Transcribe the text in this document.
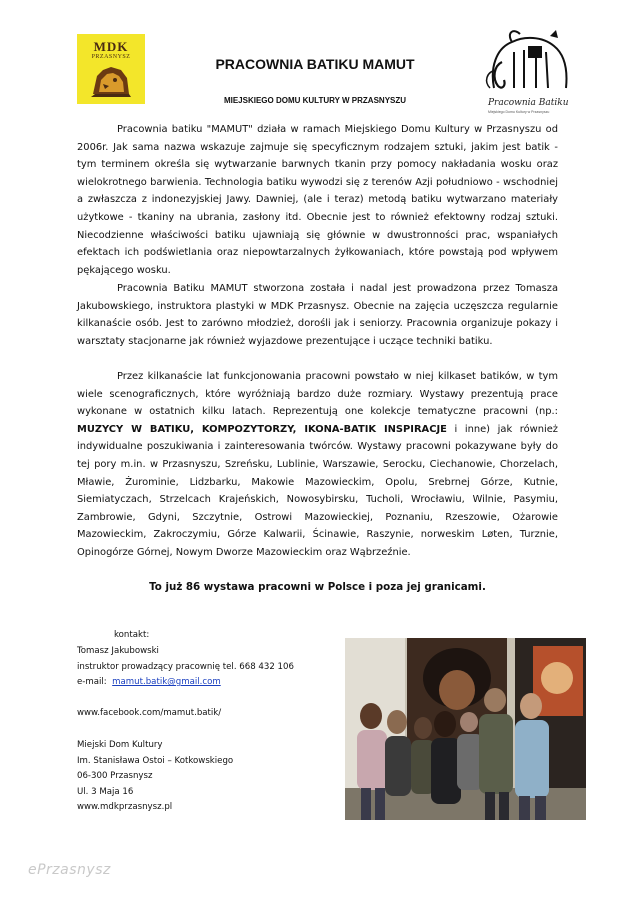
MDK
PRZASNYSZ	PRACOWNIA BATIKU MAMUT
MIEJSKIEGO DOMU KULTURY W PRZASNYSZU	Pracownia Batiku
Miejskiego Domu Kultury w Przasnyszu

Pracownia batiku "MAMUT" działa w ramach Miejskiego Domu Kultury w Przasnyszu od 2006r. Jak sama nazwa wskazuje zajmuje się specyficznym rodzajem sztuki, jakim jest batik - tym terminem określa się wytwarzanie barwnych tkanin przy pomocy nakładania wosku oraz wielokrotnego barwienia. Technologia batiku wywodzi się z terenów Azji południowo - wschodniej a zwłaszcza z indonezyjskiej Jawy. Dawniej, (ale i teraz) metodą batiku wytwarzano materiały użytkowe - tkaniny na ubrania, zasłony itd. Obecnie jest to również efektowny rodzaj sztuki. Niecodzienne właściwości batiku ujawniają się głównie w dwustronności prac, wspaniałych efektach ich podświetlania oraz niepowtarzalnych żyłkowaniach, które powstają pod wpływem pękającego wosku.

Pracownia Batiku MAMUT stworzona została i nadal jest prowadzona przez Tomasza Jakubowskiego, instruktora plastyki w MDK Przasnysz. Obecnie na zajęcia uczęszcza regularnie kilkanaście osób. Jest to zarówno młodzież, dorośli jak i seniorzy. Pracownia organizuje pokazy i warsztaty stacjonarne jak również wyjazdowe prezentujące i uczące techniki batiku.

Przez kilkanaście lat funkcjonowania pracowni powstało w niej kilkaset batików, w tym wiele scenograficznych, które wyróżniają bardzo duże rozmiary. Wystawy prezentują prace wykonane w ostatnich kilku latach. Reprezentują one kolekcje tematyczne pracowni (np.: MUZYCY W BATIKU, KOMPOZYTORZY, IKONA-BATIK INSPIRACJE i inne) jak również indywidualne poszukiwania i zainteresowania twórców. Wystawy pracowni pokazywane były do tej pory m.in. w Przasnyszu, Szreńsku, Lublinie, Warszawie, Serocku, Ciechanowie, Chorzelach, Mławie, Żurominie, Lidzbarku, Makowie Mazowieckim, Opolu, Srebrnej Górze, Kutnie, Siemiatyczach, Strzelcach Krajeńskich, Nowosybirsku, Tucholi, Wrocławiu, Wilnie, Pasymiu, Zambrowie, Gdyni, Szczytnie, Ostrowi Mazowieckiej, Poznaniu, Rzeszowie, Ożarowie Mazowieckim, Zakroczymiu, Górze Kalwarii, Ścinawie, Raszynie, norweskim Løten, Turznie, Opinogórze Górnej, Nowym Dworze Mazowieckim oraz Wąbrzeźnie.

To już 86 wystawa pracowni w Polsce i poza jej granicami.
kontakt:
Tomasz Jakubowski
instruktor prowadzący pracownię tel. 668 432 106
e-mail:  mamut.batik@gmail.com
www.facebook.com/mamut.batik/
Miejski Dom Kultury
Im. Stanisława Ostoi – Kotkowskiego
06-300 Przasnysz
Ul. 3 Maja 16
www.mdkprzasnysz.pl
ePrzasnysz
